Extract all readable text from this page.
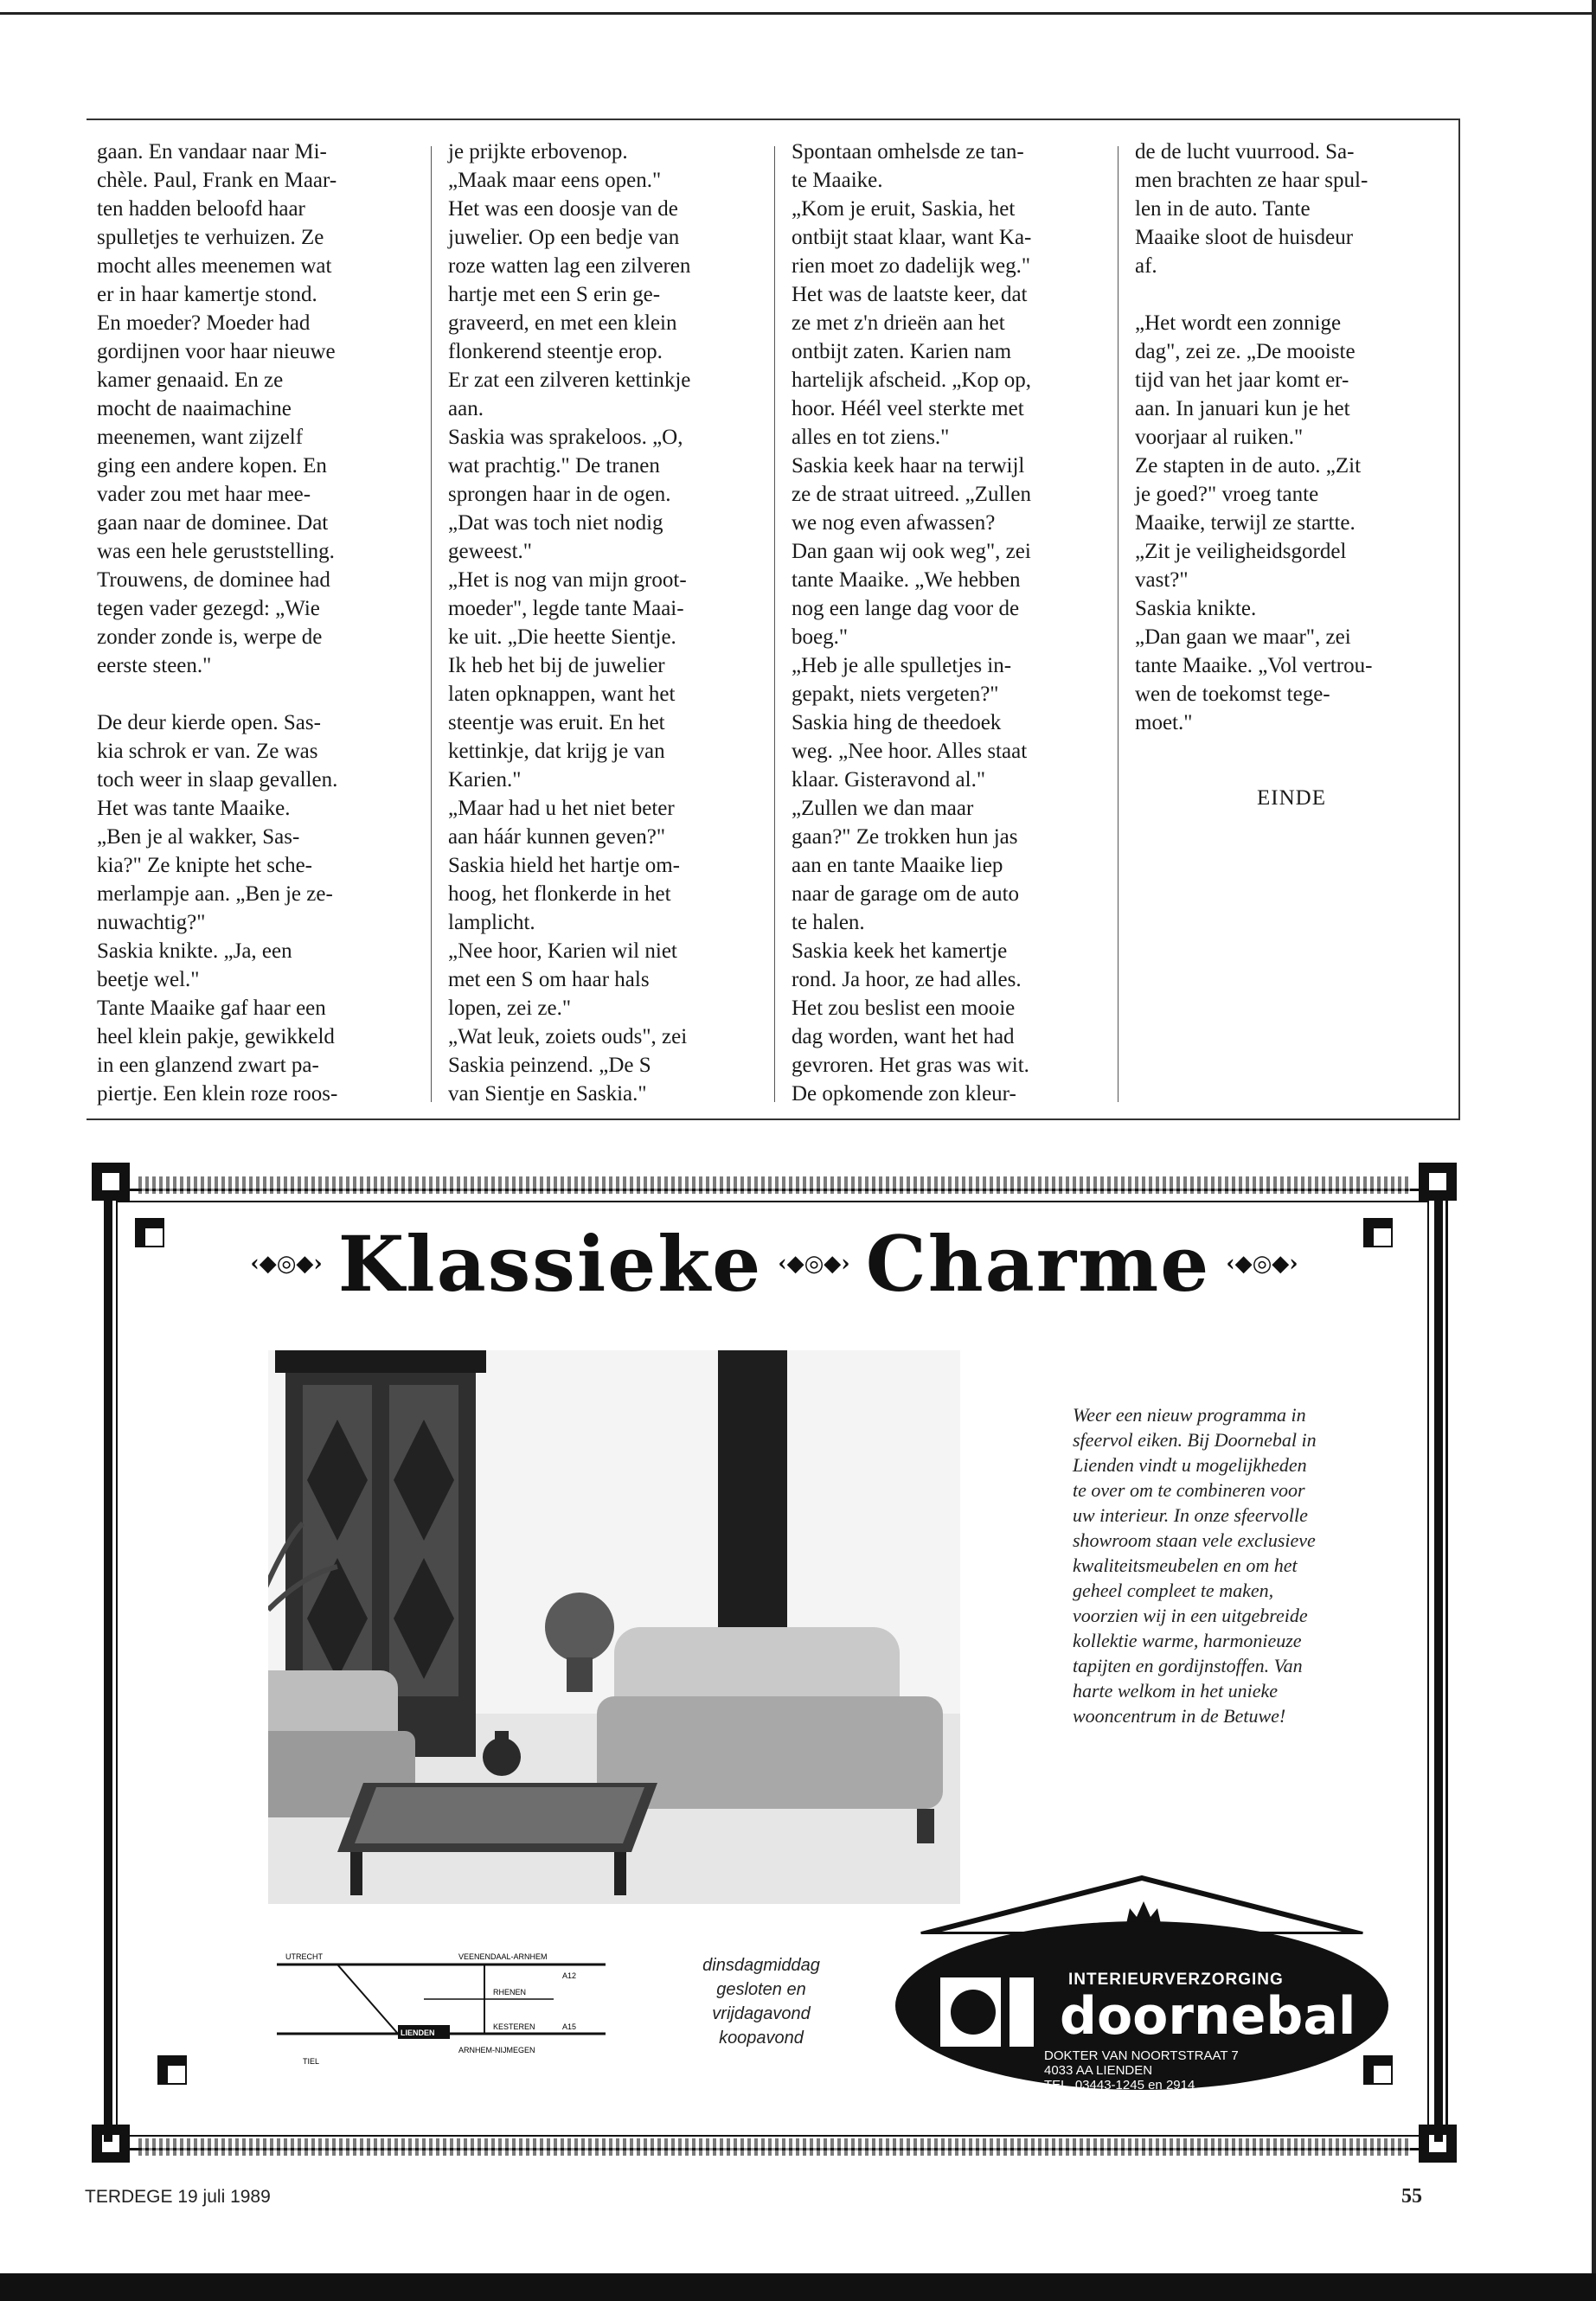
gaan. En vandaar naar Mi-

chèle. Paul, Frank en Maar-

ten hadden beloofd haar

spulletjes te verhuizen. Ze

mocht alles meenemen wat

er in haar kamertje stond.

En moeder? Moeder had

gordijnen voor haar nieuwe

kamer genaaid. En ze

mocht de naaimachine

meenemen, want zijzelf

ging een andere kopen. En

vader zou met haar mee-

gaan naar de dominee. Dat

was een hele geruststelling.

Trouwens, de dominee had

tegen vader gezegd: „Wie

zonder zonde is, werpe de

eerste steen."

De deur kierde open. Sas-

kia schrok er van. Ze was

toch weer in slaap gevallen.

Het was tante Maaike.

„Ben je al wakker, Sas-

kia?" Ze knipte het sche-

merlampje aan. „Ben je ze-

nuwachtig?"

Saskia knikte. „Ja, een

beetje wel."

Tante Maaike gaf haar een

heel klein pakje, gewikkeld

in een glanzend zwart pa-

piertje. Een klein roze roos-

je prijkte erbovenop.

„Maak maar eens open."

Het was een doosje van de

juwelier. Op een bedje van

roze watten lag een zilveren

hartje met een S erin ge-

graveerd, en met een klein

flonkerend steentje erop.

Er zat een zilveren kettinkje

aan.

Saskia was sprakeloos. „O,

wat prachtig." De tranen

sprongen haar in de ogen.

„Dat was toch niet nodig

geweest."

„Het is nog van mijn groot-

moeder", legde tante Maai-

ke uit. „Die heette Sientje.

Ik heb het bij de juwelier

laten opknappen, want het

steentje was eruit. En het

kettinkje, dat krijg je van

Karien."

„Maar had u het niet beter

aan háár kunnen geven?"

Saskia hield het hartje om-

hoog, het flonkerde in het

lamplicht.

„Nee hoor, Karien wil niet

met een S om haar hals

lopen, zei ze."

„Wat leuk, zoiets ouds", zei

Saskia peinzend. „De S

van Sientje en Saskia."

Spontaan omhelsde ze tan-

te Maaike.

„Kom je eruit, Saskia, het

ontbijt staat klaar, want Ka-

rien moet zo dadelijk weg."

Het was de laatste keer, dat

ze met z'n drieën aan het

ontbijt zaten. Karien nam

hartelijk afscheid. „Kop op,

hoor. Héél veel sterkte met

alles en tot ziens."

Saskia keek haar na terwijl

ze de straat uitreed. „Zullen

we nog even afwassen?

Dan gaan wij ook weg", zei

tante Maaike. „We hebben

nog een lange dag voor de

boeg."

„Heb je alle spulletjes in-

gepakt, niets vergeten?"

Saskia hing de theedoek

weg. „Nee hoor. Alles staat

klaar. Gisteravond al."

„Zullen we dan maar

gaan?" Ze trokken hun jas

aan en tante Maaike liep

naar de garage om de auto

te halen.

Saskia keek het kamertje

rond. Ja hoor, ze had alles.

Het zou beslist een mooie

dag worden, want het had

gevroren. Het gras was wit.

De opkomende zon kleur-

de de lucht vuurrood. Sa-

men brachten ze haar spul-

len in de auto. Tante

Maaike sloot de huisdeur

af.

„Het wordt een zonnige

dag", zei ze. „De mooiste

tijd van het jaar komt er-

aan. In januari kun je het

voorjaar al ruiken."

Ze stapten in de auto. „Zit

je goed?" vroeg tante

Maaike, terwijl ze startte.

„Zit je veiligheidsgordel

vast?"

Saskia knikte.

„Dan gaan we maar", zei

tante Maaike. „Vol vertrou-

wen de toekomst tege-

moet."

EINDE

‹◆◎◆› Klassieke ‹◆◎◆› Charme ‹◆◎◆›

Weer een nieuw programma in

sfeervol eiken. Bij Doornebal in

Lienden vindt u mogelijkheden

te over om te combineren voor

uw interieur. In onze sfeervolle

showroom staan vele exclusieve

kwaliteitsmeubelen en om het

geheel compleet te maken,

voorzien wij in een uitgebreide

kollektie warme, harmonieuze

tapijten en gordijnstoffen. Van

harte welkom in het unieke

wooncentrum in de Betuwe!

UTRECHT	VEENENDAAL-ARNHEM
A12
RHENEN
KESTEREN
LIENDEN
ARNHEM-NIJMEGEN
A15
TIEL

dinsdagmiddag

gesloten en

vrijdagavond

koopavond

INTERIEURVERZORGING
doornebal
DOKTER VAN NOORTSTRAAT 7
4033 AA LIENDEN
TEL. 03443-1245 en 2914
TERDEGE 19 juli 1989	55
